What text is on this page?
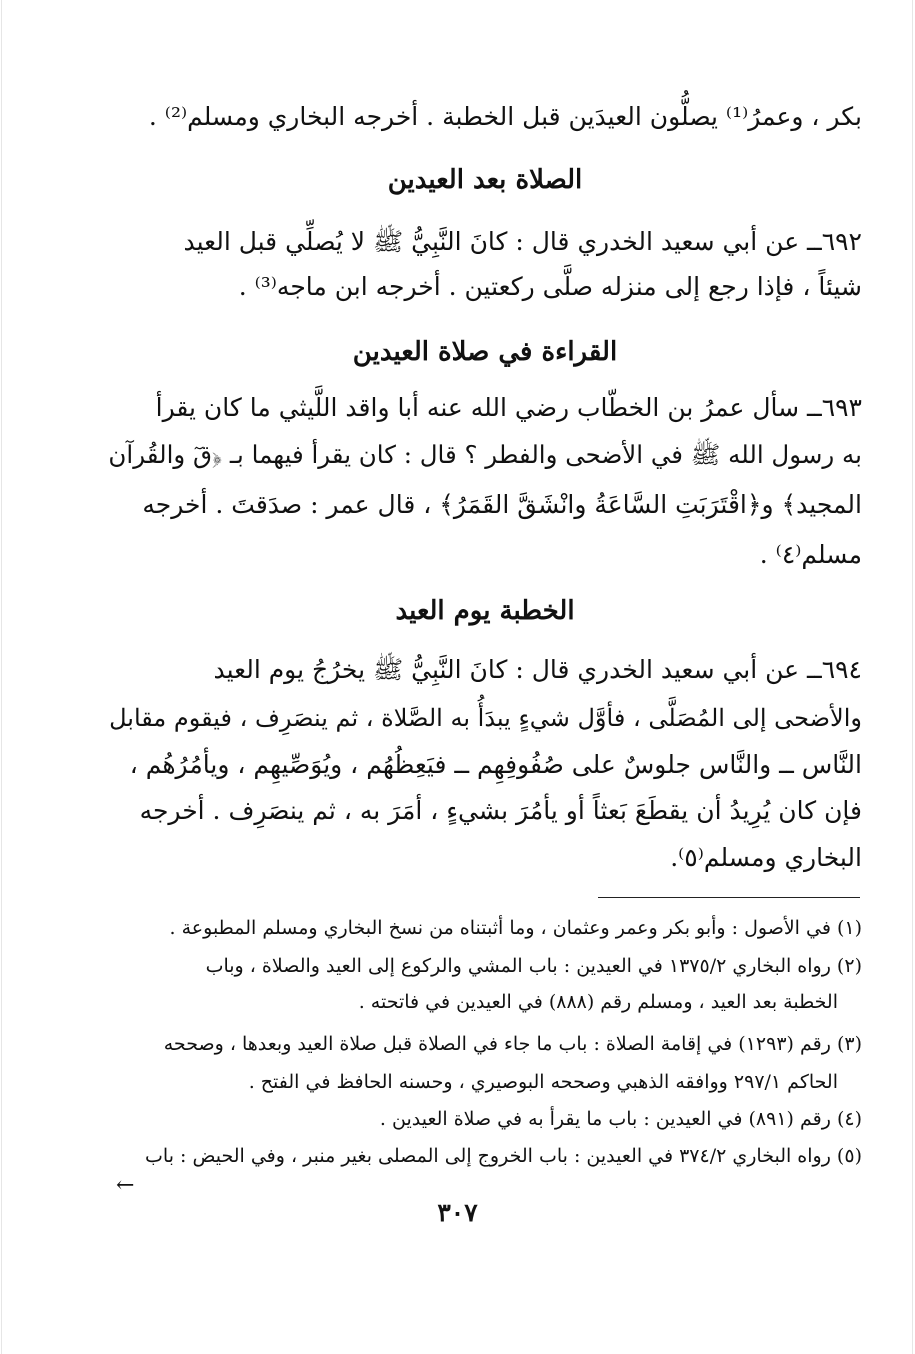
بكر ، وعمرُ⁽¹⁾ يصلُّون العيدَين قبل الخطبة . أخرجه البخاري ومسلم⁽²⁾ .
الصلاة بعد العيدين
٦٩٢ــ عن أبي سعيد الخدري قال : كانَ النَّبِيُّ ﷺ لا يُصلِّي قبل العيد
شيئاً ، فإذا رجع إلى منزله صلَّى ركعتين . أخرجه ابن ماجه⁽³⁾ .
القراءة في صلاة العيدين
٦٩٣ــ سأل عمرُ بن الخطّاب رضي الله عنه أبا واقد اللَّيثي ما كان يقرأ
به رسول الله ﷺ في الأضحى والفطر ؟ قال : كان يقرأ فيهما بـ ﴿قٓ والقُرآن
المجيد﴾ و﴿اقْتَرَبَتِ السَّاعَةُ وانْشَقَّ القَمَرُ﴾ ، قال عمر : صدَقتَ . أخرجه
مسلم⁽٤⁾ .
الخطبة يوم العيد
٦٩٤ــ عن أبي سعيد الخدري قال : كانَ النَّبِيُّ ﷺ يخرُجُ يوم العيد
والأضحى إلى المُصَلَّى ، فأوَّل شيءٍ يبدَأُ به الصَّلاة ، ثم ينصَرِف ، فيقوم مقابل
النَّاس ــ والنَّاس جلوسٌ على صُفُوفِهِم ــ فيَعِظُهُم ، ويُوَصِّيهِم ، ويأمُرُهُم ،
فإن كان يُرِيدُ أن يقطَعَ بَعثاً أو يأمُرَ بشيءٍ ، أمَرَ به ، ثم ينصَرِف . أخرجه
البخاري ومسلم⁽٥⁾.
(١) في الأصول : وأبو بكر وعمر وعثمان ، وما أثبتناه من نسخ البخاري ومسلم المطبوعة .
(٢) رواه البخاري ١٣٧٥/٢ في العيدين : باب المشي والركوع إلى العيد والصلاة ، وباب
الخطبة بعد العيد ، ومسلم رقم (٨٨٨) في العيدين في فاتحته .
(٣) رقم (١٢٩٣) في إقامة الصلاة : باب ما جاء في الصلاة قبل صلاة العيد وبعدها ، وصححه
الحاكم ٢٩٧/١ ووافقه الذهبي وصححه البوصيري ، وحسنه الحافظ في الفتح .
(٤) رقم (٨٩١) في العيدين : باب ما يقرأ به في صلاة العيدين .
(٥) رواه البخاري ٣٧٤/٢ في العيدين : باب الخروج إلى المصلى بغير منبر ، وفي الحيض : باب
←
٣٠٧
